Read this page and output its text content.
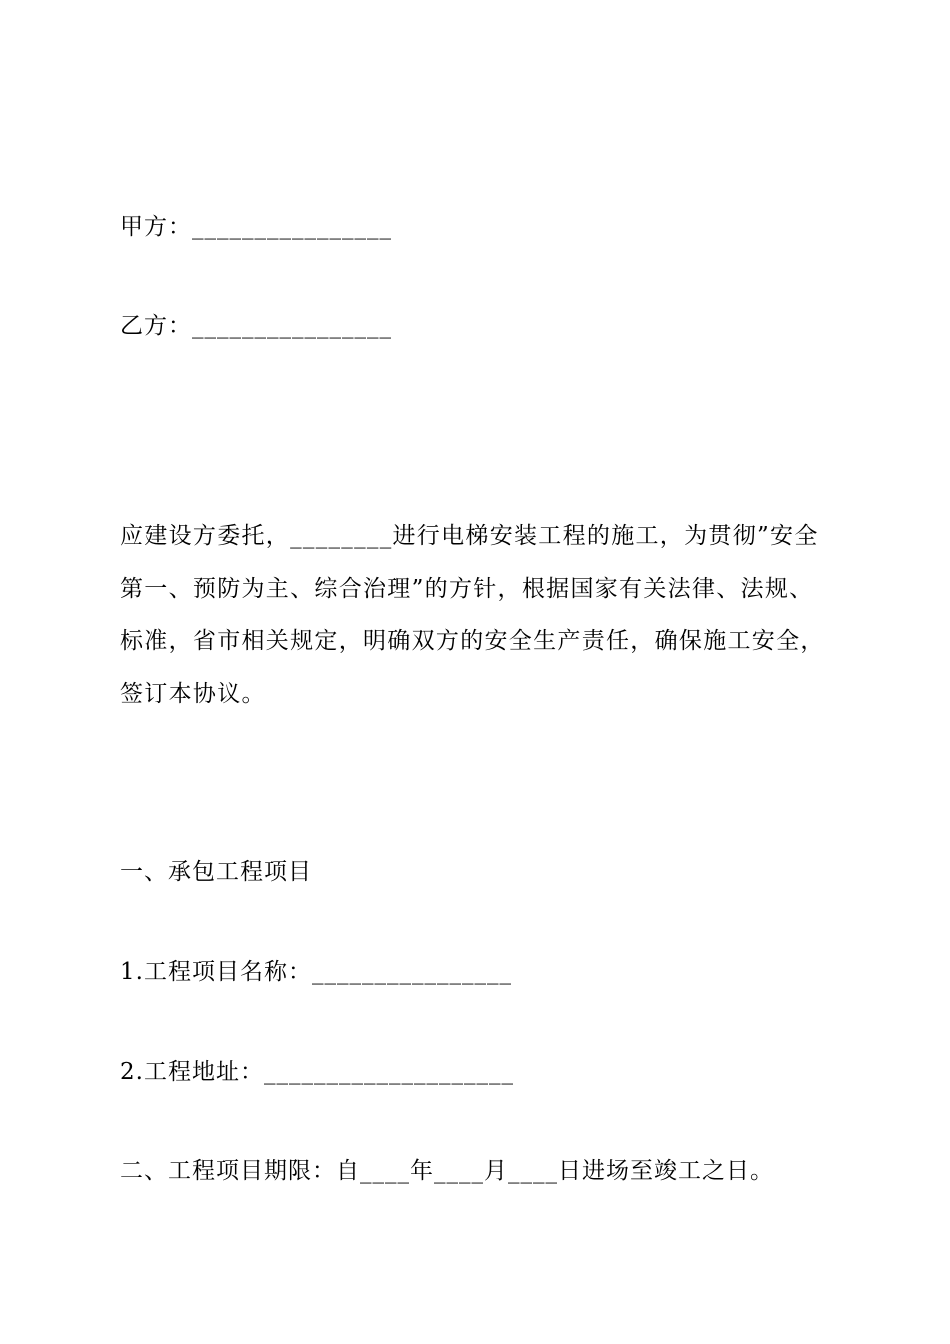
甲方：________________
乙方：________________
应建设方委托，________进行电梯安装工程的施工，为贯彻”安全
第一、预防为主、综合治理”的方针，根据国家有关法律、法规、
标准，省市相关规定，明确双方的安全生产责任，确保施工安全，
签订本协议。
一、承包工程项目
1.工程项目名称：________________
2.工程地址：____________________
二、工程项目期限：自____年____月____日进场至竣工之日。
